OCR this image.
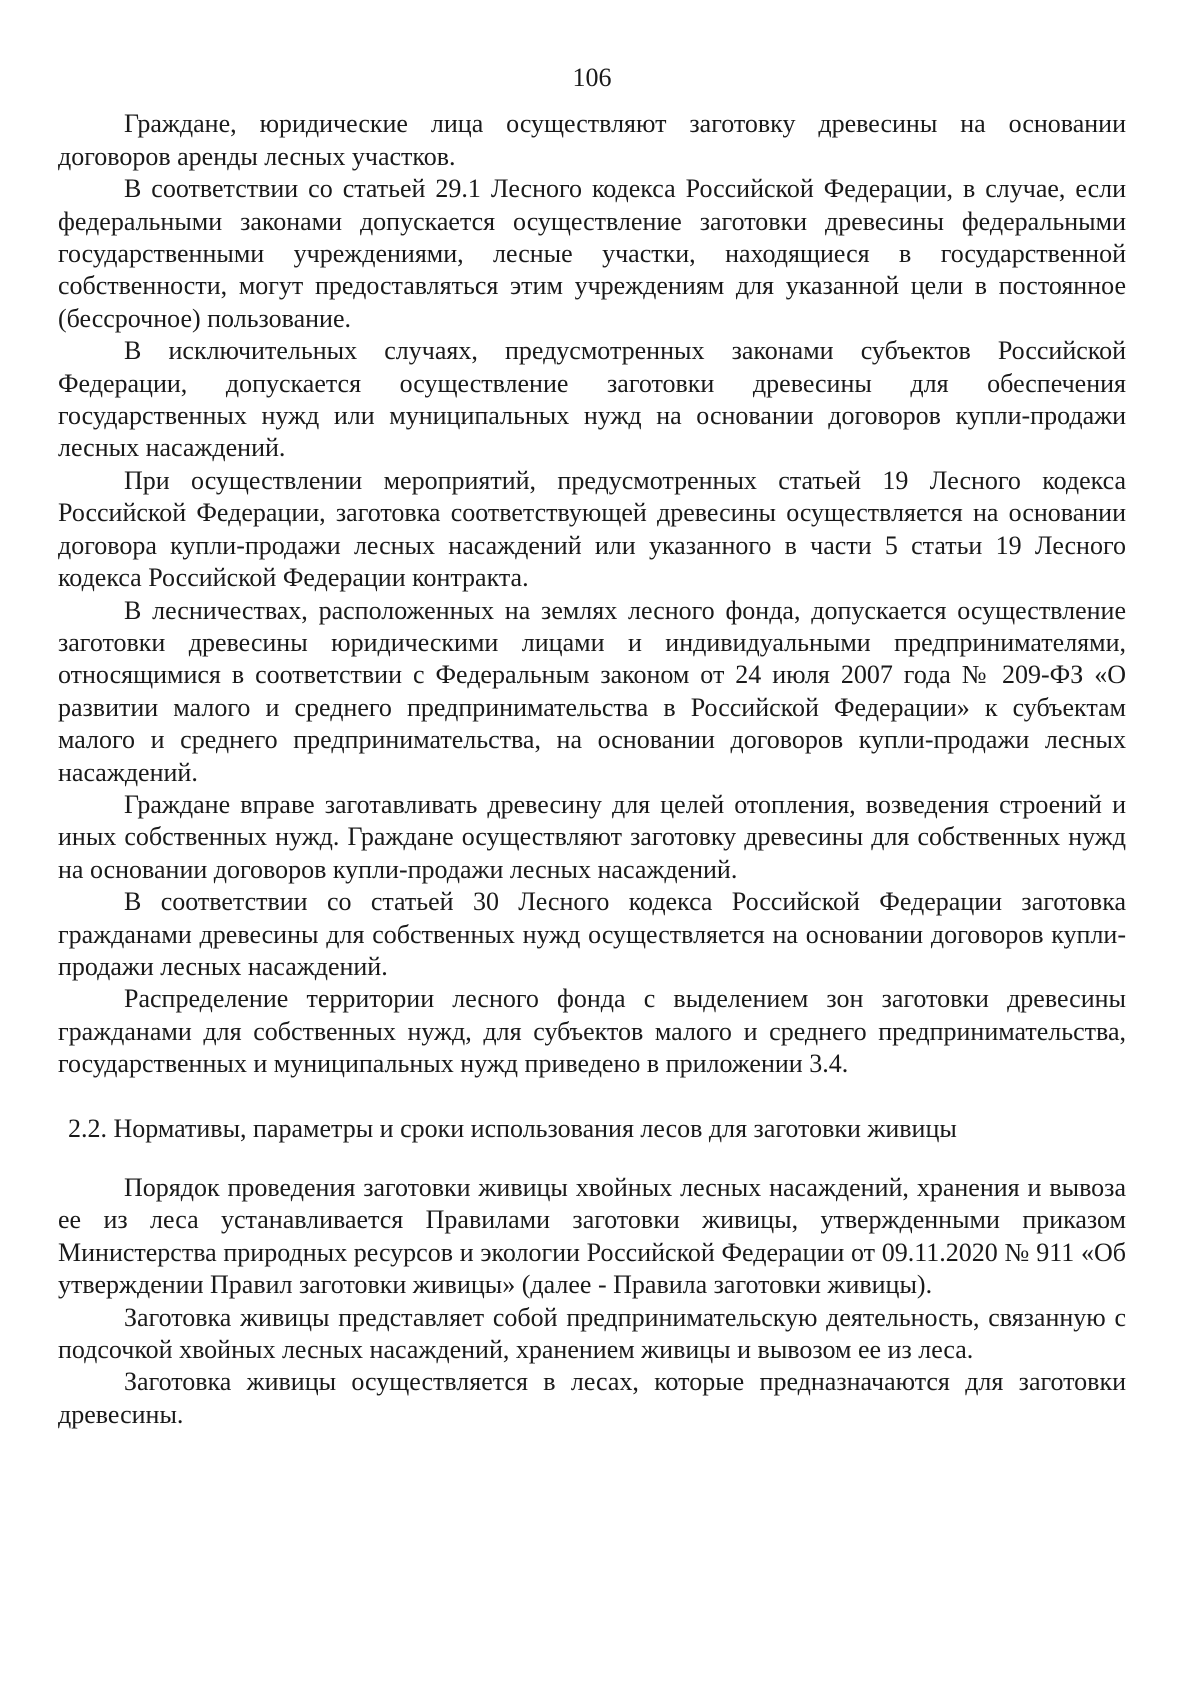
106

Граждане, юридические лица осуществляют заготовку древесины на основании договоров аренды лесных участков.

В соответствии со статьей 29.1 Лесного кодекса Российской Федерации, в случае, если федеральными законами допускается осуществление заготовки древесины федеральными государственными учреждениями, лесные участки, находящиеся в государственной собственности, могут предоставляться этим учреждениям для указанной цели в постоянное (бессрочное) пользование.

В исключительных случаях, предусмотренных законами субъектов Российской Федерации, допускается осуществление заготовки древесины для обеспечения государственных нужд или муниципальных нужд на основании договоров купли-продажи лесных насаждений.

При осуществлении мероприятий, предусмотренных статьей 19 Лесного кодекса Российской Федерации, заготовка соответствующей древесины осуществляется на основании договора купли-продажи лесных насаждений или указанного в части 5 статьи 19 Лесного кодекса Российской Федерации контракта.

В лесничествах, расположенных на землях лесного фонда, допускается осуществление заготовки древесины юридическими лицами и индивидуальными предпринимателями, относящимися в соответствии с Федеральным законом от 24 июля 2007 года № 209-ФЗ «О развитии малого и среднего предпринимательства в Российской Федерации» к субъектам малого и среднего предпринимательства, на основании договоров купли-продажи лесных насаждений.

Граждане вправе заготавливать древесину для целей отопления, возведения строений и иных собственных нужд. Граждане осуществляют заготовку древесины для собственных нужд на основании договоров купли-продажи лесных насаждений.

В соответствии со статьей 30 Лесного кодекса Российской Федерации заготовка гражданами древесины для собственных нужд осуществляется на основании договоров купли-продажи лесных насаждений.

Распределение территории лесного фонда с выделением зон заготовки древесины гражданами для собственных нужд, для субъектов малого и среднего предпринимательства, государственных и муниципальных нужд приведено в приложении 3.4.

2.2. Нормативы, параметры и сроки использования лесов для заготовки живицы

Порядок проведения заготовки живицы хвойных лесных насаждений, хранения и вывоза ее из леса устанавливается Правилами заготовки живицы, утвержденными приказом Министерства природных ресурсов и экологии Российской Федерации от 09.11.2020 № 911 «Об утверждении Правил заготовки живицы» (далее - Правила заготовки живицы).

Заготовка живицы представляет собой предпринимательскую деятельность, связанную с подсочкой хвойных лесных насаждений, хранением живицы и вывозом ее из леса.

Заготовка живицы осуществляется в лесах, которые предназначаются для заготовки древесины.
